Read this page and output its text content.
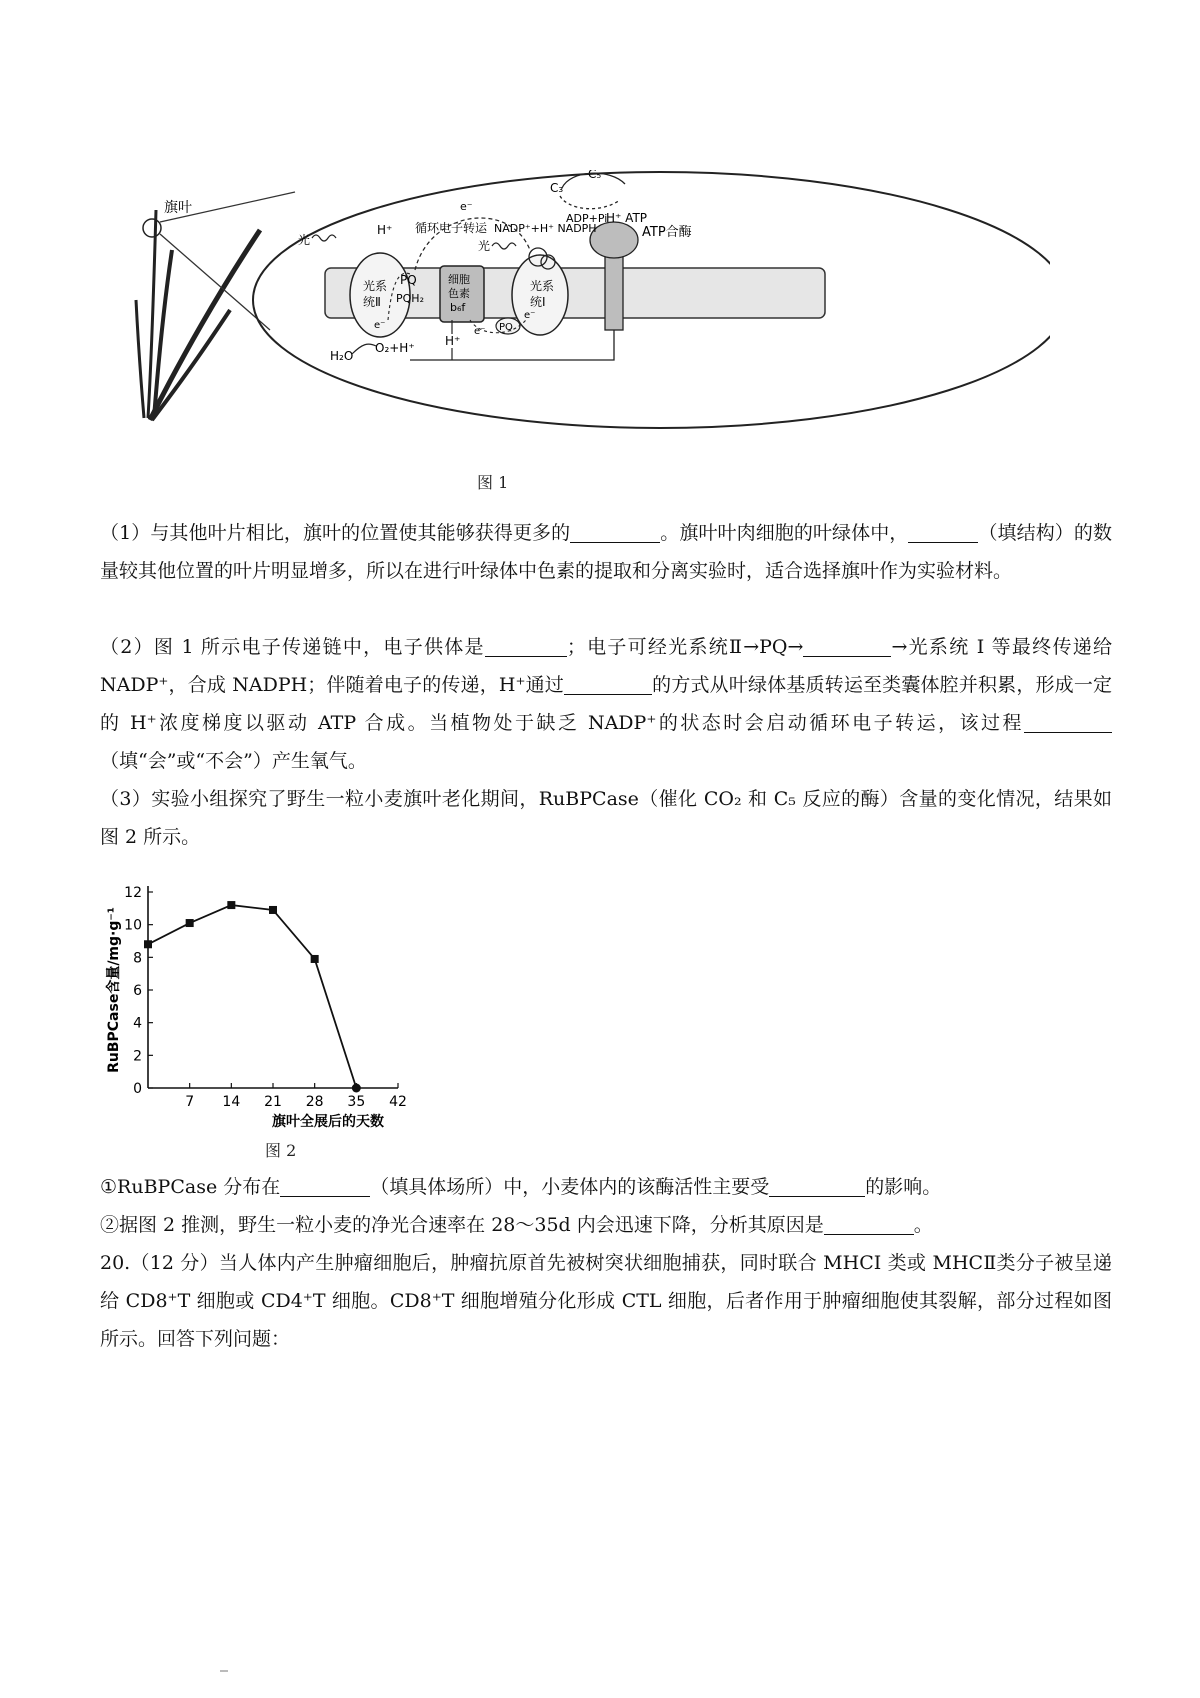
旗叶
光系
统Ⅱ
PQ
PQH₂
细胞
色素
b₆f
光系
统Ⅰ
PQ
ATP合酶
光
H⁺ 循环电子转运
e⁻
NADP⁺+H⁺ NADPH
光
C₅
C₃
ADP+Pi
H⁺ ATP
e⁻
e⁻
e⁻
H₂O
O₂+H⁺	H⁺
图 1

（1）与其他叶片相比，旗叶的位置使其能够获得更多的	。旗叶叶肉细胞的叶绿体中，	（填结构）的数量较其他位置的叶片明显增多，所以在进行叶绿体中色素的提取和分离实验时，适合选择旗叶作为实验材料。

（2）图 1 所示电子传递链中，电子供体是	；电子可经光系统Ⅱ→PQ→	→光系统 I 等最终传递给 NADP⁺，合成 NADPH；伴随着电子的传递，H⁺通过	的方式从叶绿体基质转运至类囊体腔并积累，形成一定的 H⁺浓度梯度以驱动 ATP 合成。当植物处于缺乏 NADP⁺的状态时会启动循环电子转运，该过程（填“会”或“不会”）产生氧气。

（3）实验小组探究了野生一粒小麦旗叶老化期间，RuBPCase（催化 CO₂ 和 C₅ 反应的酶）含量的变化情况，结果如图 2 所示。

7 14 21 28 35 42
0
2
4
6
8
10
12
RuBPCase含量/mg·g⁻¹
旗叶全展后的天数
图 2

①RuBPCase 分布在	（填具体场所）中，小麦体内的该酶活性主要受	的影响。

②据图 2 推测，野生一粒小麦的净光合速率在 28～35d 内会迅速下降，分析其原因是	。

20.（12 分）当人体内产生肿瘤细胞后，肿瘤抗原首先被树突状细胞捕获，同时联合 MHCI 类或 MHCⅡ类分子被呈递给 CD8⁺T 细胞或 CD4⁺T 细胞。CD8⁺T 细胞增殖分化形成 CTL 细胞，后者作用于肿瘤细胞使其裂解，部分过程如图所示。回答下列问题：
